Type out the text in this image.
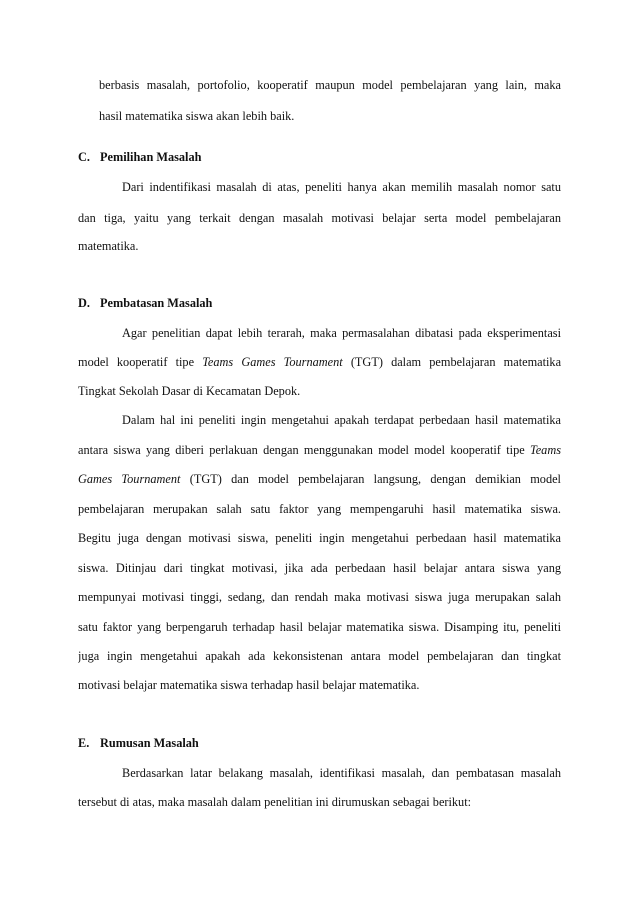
berbasis masalah, portofolio, kooperatif maupun model pembelajaran yang lain, maka
hasil matematika siswa akan lebih baik.
C. Pemilihan Masalah
Dari indentifikasi masalah di atas, peneliti hanya akan memilih masalah nomor satu
dan tiga, yaitu yang terkait dengan masalah motivasi belajar serta model pembelajaran
matematika.
D. Pembatasan Masalah
Agar penelitian dapat lebih terarah, maka permasalahan dibatasi pada eksperimentasi
model kooperatif tipe Teams Games Tournament (TGT) dalam pembelajaran matematika
Tingkat Sekolah Dasar di Kecamatan Depok.
Dalam hal ini peneliti ingin mengetahui apakah terdapat perbedaan hasil matematika
antara siswa yang diberi perlakuan dengan menggunakan model model kooperatif tipe Teams
Games Tournament (TGT) dan model pembelajaran langsung, dengan demikian model
pembelajaran merupakan salah satu faktor yang mempengaruhi hasil matematika siswa.
Begitu juga dengan motivasi siswa, peneliti ingin mengetahui perbedaan hasil matematika
siswa. Ditinjau dari tingkat motivasi, jika ada perbedaan hasil belajar antara siswa yang
mempunyai motivasi tinggi, sedang, dan rendah maka motivasi siswa juga merupakan salah
satu faktor yang berpengaruh terhadap hasil belajar matematika siswa. Disamping itu, peneliti
juga ingin mengetahui apakah ada kekonsistenan antara model pembelajaran dan tingkat
motivasi belajar matematika siswa terhadap hasil belajar matematika.
E. Rumusan Masalah
Berdasarkan latar belakang masalah, identifikasi masalah, dan pembatasan masalah
tersebut di atas, maka masalah dalam penelitian ini dirumuskan sebagai berikut:
